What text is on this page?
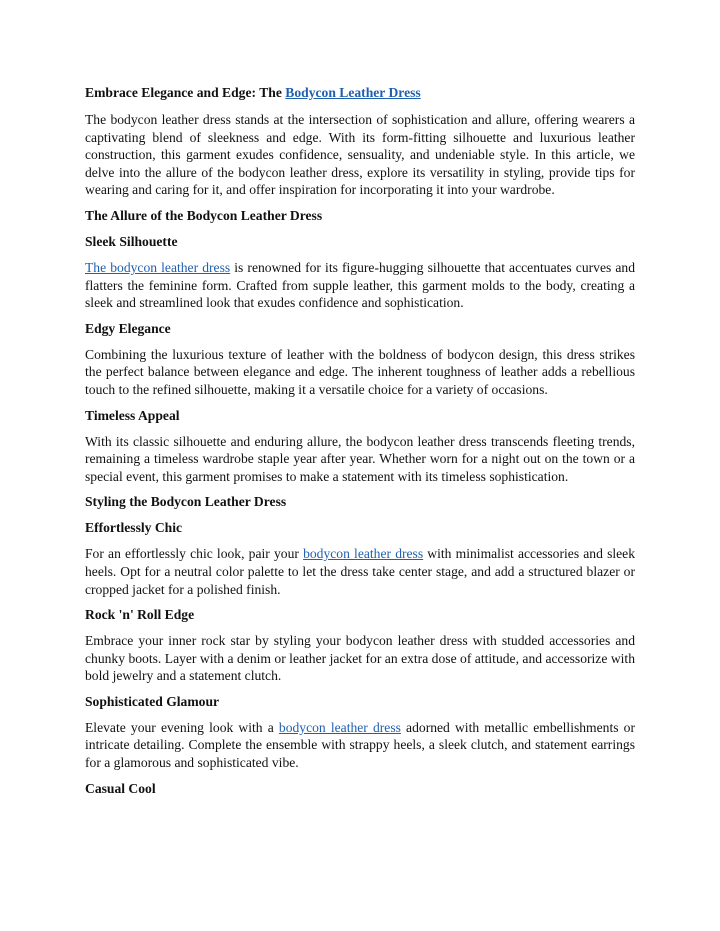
Embrace Elegance and Edge: The Bodycon Leather Dress

The bodycon leather dress stands at the intersection of sophistication and allure, offering wearers a captivating blend of sleekness and edge. With its form-fitting silhouette and luxurious leather construction, this garment exudes confidence, sensuality, and undeniable style. In this article, we delve into the allure of the bodycon leather dress, explore its versatility in styling, provide tips for wearing and caring for it, and offer inspiration for incorporating it into your wardrobe.

The Allure of the Bodycon Leather Dress
Sleek Silhouette

The bodycon leather dress is renowned for its figure-hugging silhouette that accentuates curves and flatters the feminine form. Crafted from supple leather, this garment molds to the body, creating a sleek and streamlined look that exudes confidence and sophistication.

Edgy Elegance

Combining the luxurious texture of leather with the boldness of bodycon design, this dress strikes the perfect balance between elegance and edge. The inherent toughness of leather adds a rebellious touch to the refined silhouette, making it a versatile choice for a variety of occasions.

Timeless Appeal

With its classic silhouette and enduring allure, the bodycon leather dress transcends fleeting trends, remaining a timeless wardrobe staple year after year. Whether worn for a night out on the town or a special event, this garment promises to make a statement with its timeless sophistication.

Styling the Bodycon Leather Dress
Effortlessly Chic

For an effortlessly chic look, pair your bodycon leather dress with minimalist accessories and sleek heels. Opt for a neutral color palette to let the dress take center stage, and add a structured blazer or cropped jacket for a polished finish.

Rock 'n' Roll Edge

Embrace your inner rock star by styling your bodycon leather dress with studded accessories and chunky boots. Layer with a denim or leather jacket for an extra dose of attitude, and accessorize with bold jewelry and a statement clutch.

Sophisticated Glamour

Elevate your evening look with a bodycon leather dress adorned with metallic embellishments or intricate detailing. Complete the ensemble with strappy heels, a sleek clutch, and statement earrings for a glamorous and sophisticated vibe.

Casual Cool
